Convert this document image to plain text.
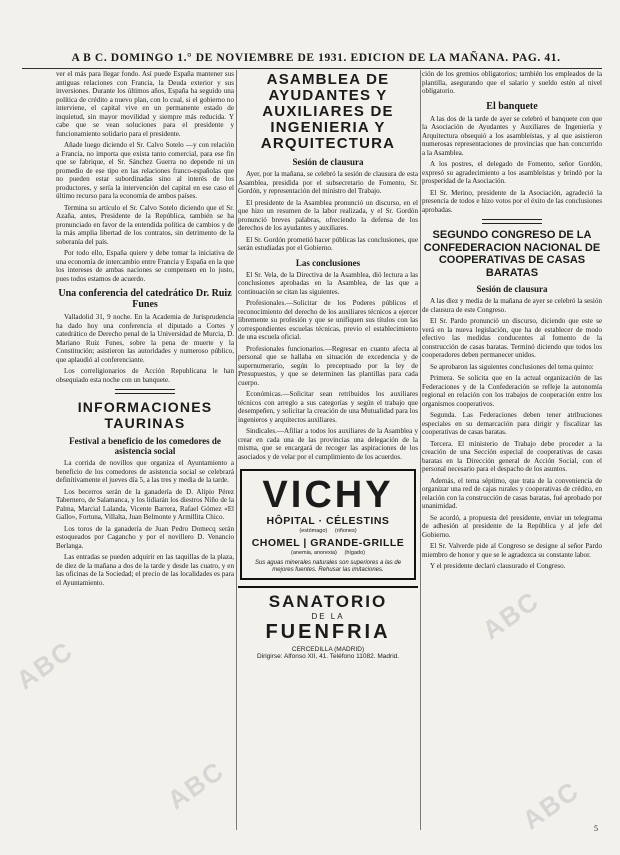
A B C. DOMINGO 1.° DE NOVIEMBRE DE 1931. EDICION DE LA MAÑANA. PAG. 41.

ver el más para llegar fondo. Así puede España mantener sus antiguas relaciones con Francia, la Deuda exterior y sus inversiones. Durante los últimos años, España ha seguido una política de crédito a nuevo plan, con lo cual, si el gobierno no interviene, el capital vive en un permanente estado de inquietud, sin mayor movilidad y siempre más reducida. Y cabe que se vean soluciones para el presidente y funcionamiento solidario para el presidente.

Añade luego diciendo el Sr. Calvo Sotelo —y con relación a Francia, no importa que exista tanto comercial, para ese fin que se fabrique, el Sr. Sánchez Guerra no depende ni un promedio de ese tipo en las relaciones franco-españolas que no pueden estar subordinadas sino al interés de los productores, y sería la intervención del capital en ese caso el último recurso para la economía de ambos países.

Termina su artículo el Sr. Calvo Sotelo diciendo que el Sr. Azaña, antes, Presidente de la República, también se ha pronunciado en favor de la entendida política de cambios y de la más amplia libertad de los contratos, sin detrimento de la soberanía del país.

Por todo ello, España quiere y debe tomar la iniciativa de una economía de intercambio entre Francia y España en la que los intereses de ambas naciones se compensen en lo justo, pues todos estamos de acuerdo.

Una conferencia del catedrático Dr. Ruiz Funes

Valladolid 31, 9 noche. En la Academia de Jurisprudencia ha dado hoy una conferencia el diputado a Cortes y catedrático de Derecho penal de la Universidad de Murcia, D. Mariano Ruiz Funes, sobre la pena de muerte y la Constitución; asistieron las autoridades y numeroso público, que aplaudió al conferenciante.

Los correligionarios de Acción Republicana le han obsequiado esta noche con un banquete.

INFORMACIONES TAURINAS
Festival a beneficio de los comedores de asistencia social

La corrida de novillos que organiza el Ayuntamiento a beneficio de los comedores de asistencia social se celebrará definitivamente el jueves día 5, a las tres y media de la tarde.

Los becerros serán de la ganadería de D. Alipio Pérez Tabernero, de Salamanca, y los lidiarán los diestros Niño de la Palma, Marcial Lalanda, Vicente Barrera, Rafael Gómez «El Gallo», Fortuna, Villalta, Juan Belmonte y Armillita Chico.

Los toros de la ganadería de Juan Pedro Domecq serán estoqueados por Cagancho y por el novillero D. Venancio Berlanga.

Las entradas se pueden adquirir en las taquillas de la plaza, de diez de la mañana a dos de la tarde y desde las cuatro, y en las oficinas de la Sociedad; el precio de las localidades es para el Ayuntamiento.

ASAMBLEA DE AYUDANTES Y AUXILIARES DE INGENIERIA Y ARQUITECTURA
Sesión de clausura

Ayer, por la mañana, se celebró la sesión de clausura de esta Asamblea, presidida por el subsecretario de Fomento, Sr. Gordón, y representación del ministro del Trabajo.

El presidente de la Asamblea pronunció un discurso, en el que hizo un resumen de la labor realizada, y el Sr. Gordón pronunció breves palabras, ofreciendo la defensa de los derechos de los ayudantes y auxiliares.

El Sr. Gordón prometió hacer públicas las conclusiones, que serán estudiadas por el Gobierno.

Las conclusiones

El Sr. Vela, de la Directiva de la Asamblea, dió lectura a las conclusiones aprobadas en la Asamblea, de las que a continuación se citan las siguientes.

Profesionales.—Solicitar de los Poderes públicos el reconocimiento del derecho de los auxiliares técnicos a ejercer libremente su profesión y que se unifiquen sus títulos con las correspondientes escuelas técnicas, previo el establecimiento de una escuela oficial.

Profesionales funcionarios.—Regresar en cuanto afecta al personal que se hallaba en situación de excedencia y de supernumerario, según lo preceptuado por la ley de Presupuestos, y que se determinen las plantillas para cada cuerpo.

Económicas.—Solicitar sean retribuidos los auxiliares técnicos con arreglo a sus categorías y según el trabajo que desempeñen, y solicitar la creación de una Mutualidad para los ingenieros y arquitectos auxiliares.

Sindicales.—Afiliar a todos los auxiliares de la Asamblea y crear en cada una de las provincias una delegación de la misma, que se encargará de recoger las aspiraciones de los asociados y de velar por el cumplimiento de los acuerdos.

VICHY
HÔPITAL · CÉLESTINS
(estómago) (riñones)
CHOMEL | GRANDE-GRILLE
(anemia, anorexia) (hígado)
Sus aguas minerales naturales son superiores a las de mejores fuentes. Rehusar las imitaciones.
SANATORIO
DE LA
FUENFRIA
CERCEDILLA (MADRID)
Dirigirse: Alfonso XII, 41. Teléfono 11082. Madrid.

ción de los gremios obligatorios; también los empleados de la plantilla, asegurando que el salario y sueldo estén al nivel obligatorio.

El banquete

A las dos de la tarde de ayer se celebró el banquete con que la Asociación de Ayudantes y Auxiliares de Ingeniería y Arquitectura obsequió a los asambleístas, y al que asistieron numerosas representaciones de provincias que han concurrido a la Asamblea.

A los postres, el delegado de Fomento, señor Gordón, expresó su agradecimiento a los asambleístas y brindó por la prosperidad de la Asociación.

El Sr. Merino, presidente de la Asociación, agradeció la presencia de todos e hizo votos por el éxito de las conclusiones aprobadas.

SEGUNDO CONGRESO DE LA CONFEDERACION NACIONAL DE COOPERATIVAS DE CASAS BARATAS
Sesión de clausura

A las diez y media de la mañana de ayer se celebró la sesión de clausura de este Congreso.

El Sr. Pardo pronunció un discurso, diciendo que este se verá en la nueva legislación, que ha de establecer de modo efectivo las medidas conducentes al fomento de la construcción de casas baratas. Terminó diciendo que todos los cooperadores deben permanecer unidos.

Se aprobaron las siguientes conclusiones del tema quinto:

Primera. Se solicita que en la actual organización de las Federaciones y de la Confederación se refleje la autonomía regional en relación con los trabajos de cooperación entre los organismos cooperativos.

Segunda. Las Federaciones deben tener atribuciones especiales en su demarcación para dirigir y fiscalizar las cooperativas de casas baratas.

Tercera. El ministerio de Trabajo debe proceder a la creación de una Sección especial de cooperativas de casas baratas en la Dirección general de Acción Social, con el personal necesario para el despacho de los asuntos.

Además, el tema séptimo, que trata de la conveniencia de organizar una red de cajas rurales y cooperativas de crédito, en relación con la construcción de casas baratas, fué aprobado por unanimidad.

Se acordó, a propuesta del presidente, enviar un telegrama de adhesión al presidente de la República y al jefe del Gobierno.

El Sr. Valverde pide al Congreso se designe al señor Pardo miembro de honor y que se le agradezca su constante labor.

Y el presidente declaró clausurado el Congreso.

5
ABC
ABC
ABC
ABC
